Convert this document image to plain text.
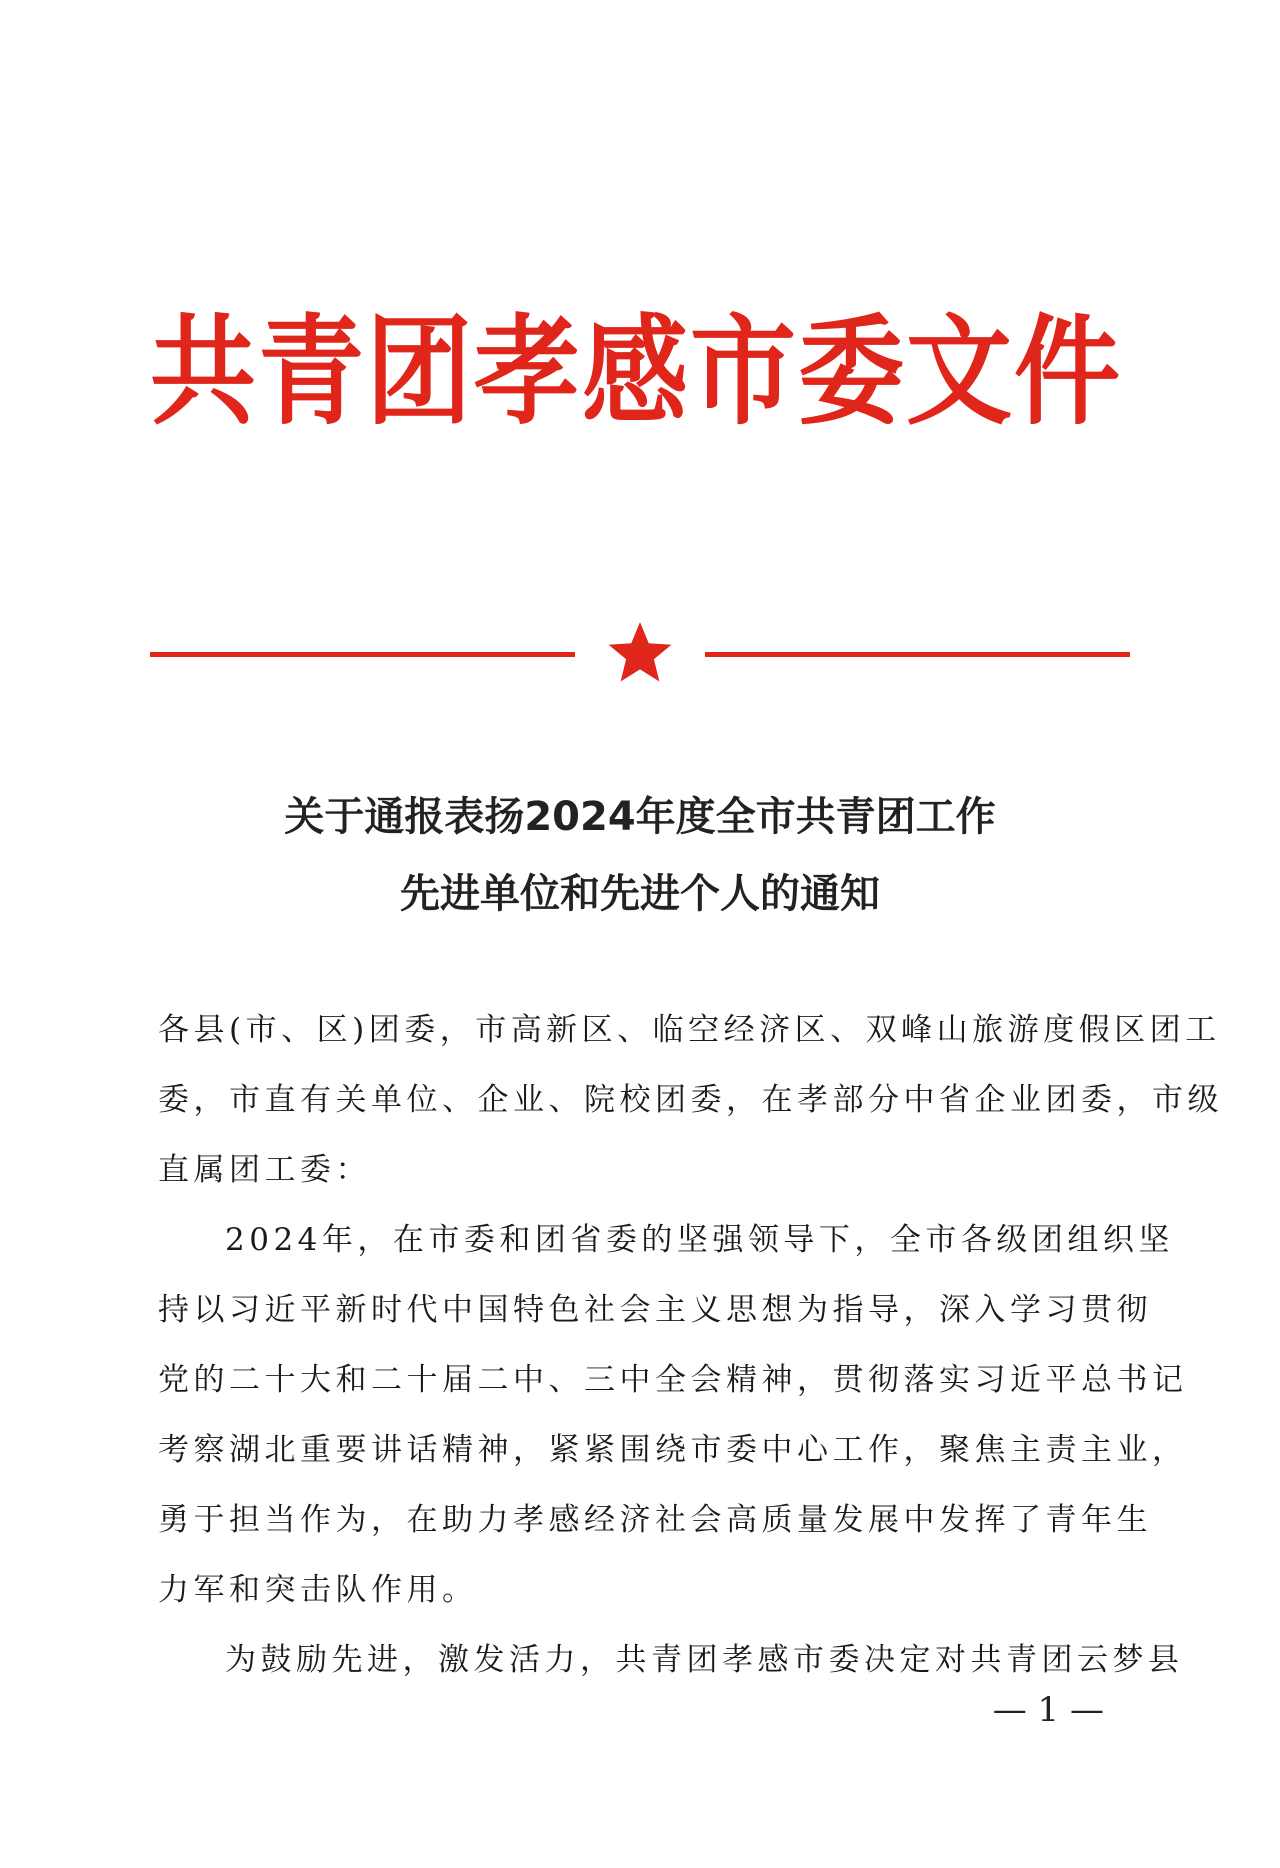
共青团孝感市委文件
关于通报表扬2024年度全市共青团工作
先进单位和先进个人的通知
各县(市、区)团委，市高新区、临空经济区、双峰山旅游度假区团工
委，市直有关单位、企业、院校团委，在孝部分中省企业团委，市级
直属团工委：
2024年，在市委和团省委的坚强领导下，全市各级团组织坚
持以习近平新时代中国特色社会主义思想为指导，深入学习贯彻
党的二十大和二十届二中、三中全会精神，贯彻落实习近平总书记
考察湖北重要讲话精神，紧紧围绕市委中心工作，聚焦主责主业，
勇于担当作为，在助力孝感经济社会高质量发展中发挥了青年生
力军和突击队作用。
为鼓励先进，激发活力，共青团孝感市委决定对共青团云梦县
— 1 —
